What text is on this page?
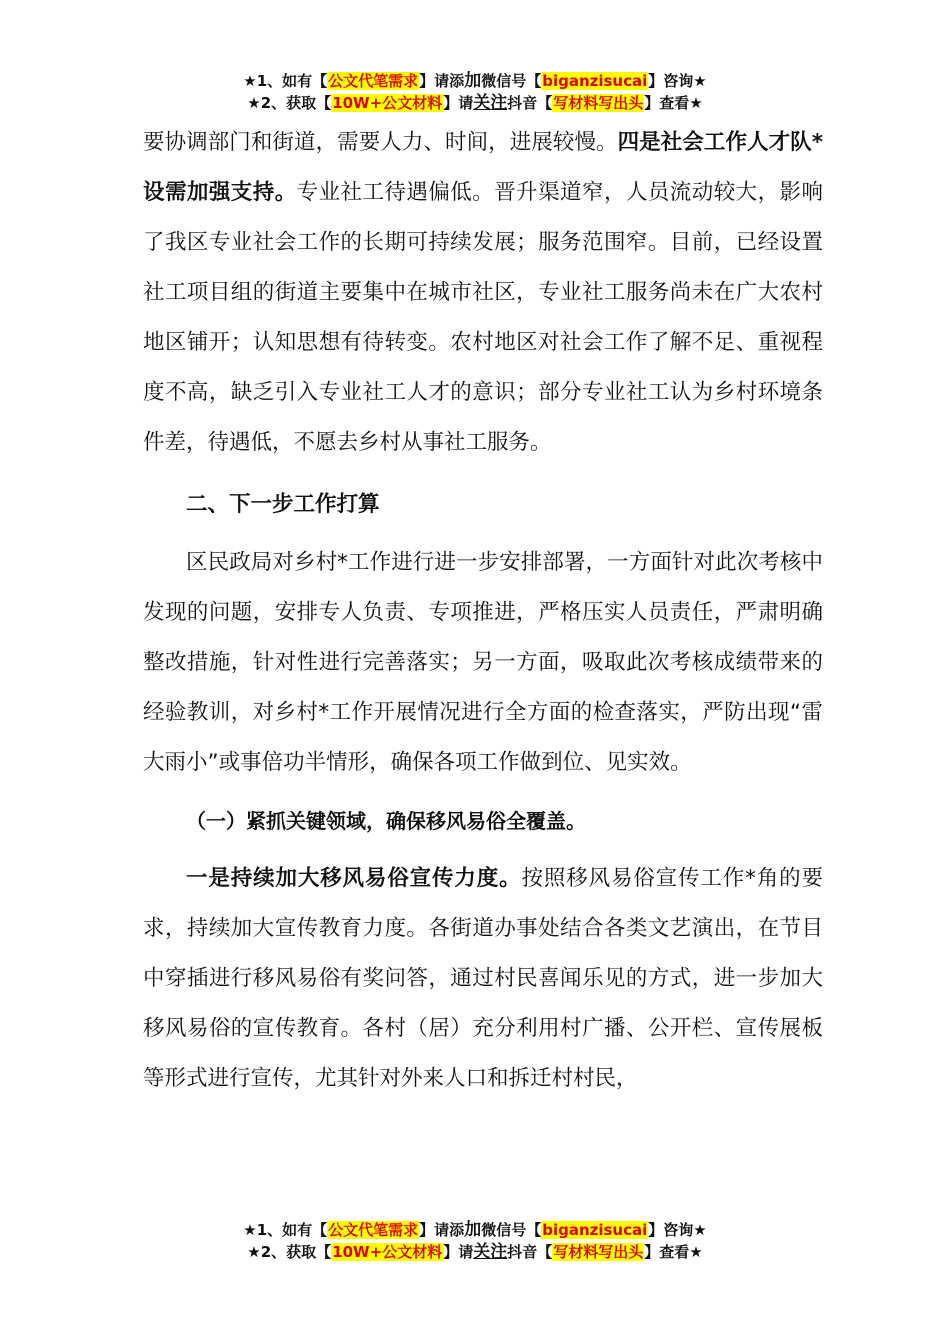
★1、如有【公文代笔需求】请添加微信号【biganzisucai】咨询★
★2、获取【10W+公文材料】请关注抖音【写材料写出头】查看★

要协调部门和街道，需要人力、时间，进展较慢。四是社会工作人才队*设需加强支持。专业社工待遇偏低。晋升渠道窄，人员流动较大，影响了我区专业社会工作的长期可持续发展；服务范围窄。目前，已经设置社工项目组的街道主要集中在城市社区，专业社工服务尚未在广大农村地区铺开；认知思想有待转变。农村地区对社会工作了解不足、重视程度不高，缺乏引入专业社工人才的意识；部分专业社工认为乡村环境条件差，待遇低，不愿去乡村从事社工服务。

二、下一步工作打算

区民政局对乡村*工作进行进一步安排部署，一方面针对此次考核中发现的问题，安排专人负责、专项推进，严格压实人员责任，严肃明确整改措施，针对性进行完善落实；另一方面，吸取此次考核成绩带来的经验教训，对乡村*工作开展情况进行全方面的检查落实，严防出现“雷大雨小”或事倍功半情形，确保各项工作做到位、见实效。

（一）紧抓关键领域，确保移风易俗全覆盖。

一是持续加大移风易俗宣传力度。按照移风易俗宣传工作*角的要求，持续加大宣传教育力度。各街道办事处结合各类文艺演出，在节目中穿插进行移风易俗有奖问答，通过村民喜闻乐见的方式，进一步加大移风易俗的宣传教育。各村（居）充分利用村广播、公开栏、宣传展板等形式进行宣传，尤其针对外来人口和拆迁村村民，

★1、如有【公文代笔需求】请添加微信号【biganzisucai】咨询★
★2、获取【10W+公文材料】请关注抖音【写材料写出头】查看★
